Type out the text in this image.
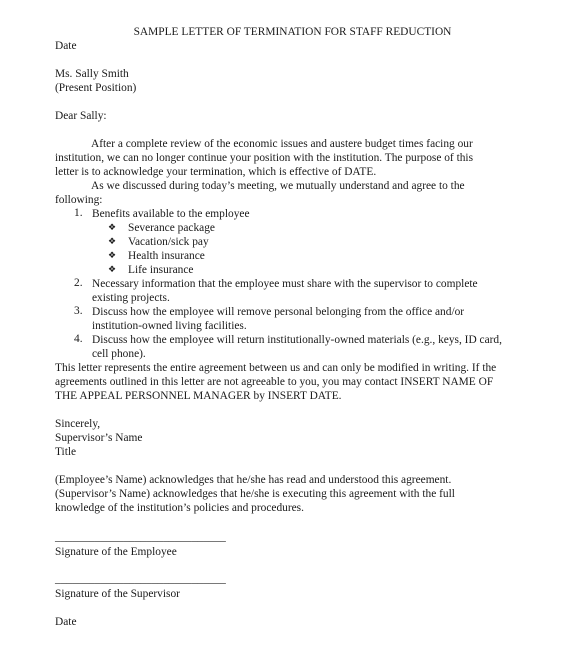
SAMPLE LETTER OF TERMINATION FOR STAFF REDUCTION
Date
Ms. Sally Smith
(Present Position)
Dear Sally:
After a complete review of the economic issues and austere budget times facing our
institution, we can no longer continue your position with the institution. The purpose of this
letter is to acknowledge your termination, which is effective of DATE.
As we discussed during today’s meeting, we mutually understand and agree to the
following:
1. Benefits available to the employee
❖ Severance package
❖ Vacation/sick pay
❖ Health insurance
❖ Life insurance
2. Necessary information that the employee must share with the supervisor to complete
existing projects.
3. Discuss how the employee will remove personal belonging from the office and/or
institution-owned living facilities.
4. Discuss how the employee will return institutionally-owned materials (e.g., keys, ID card,
cell phone).
This letter represents the entire agreement between us and can only be modified in writing. If the
agreements outlined in this letter are not agreeable to you, you may contact INSERT NAME OF
THE APPEAL PERSONNEL MANAGER by INSERT DATE.
Sincerely,
Supervisor’s Name
Title
(Employee’s Name) acknowledges that he/she has read and understood this agreement.
(Supervisor’s Name) acknowledges that he/she is executing this agreement with the full
knowledge of the institution’s policies and procedures.
______________________________
Signature of the Employee
______________________________
Signature of the Supervisor
Date
